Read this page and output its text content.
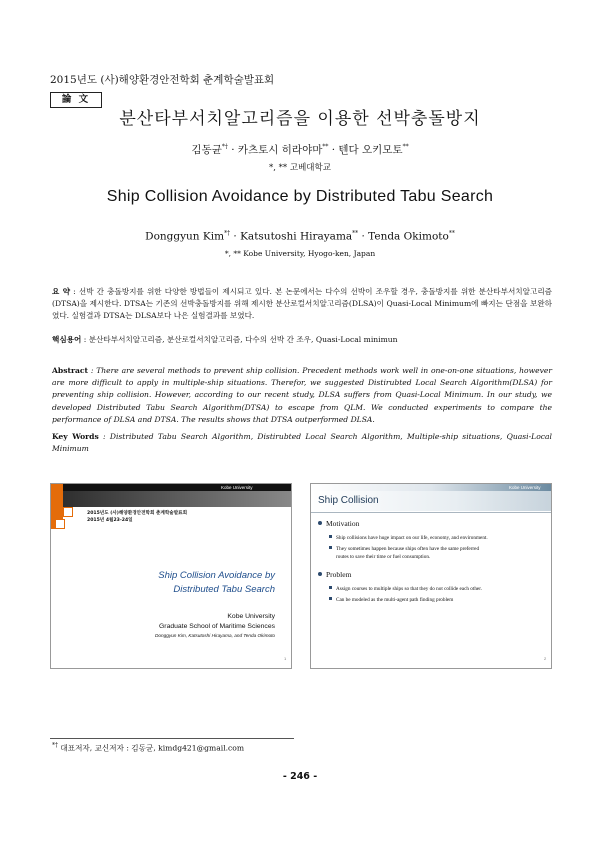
2015년도 (사)해양환경안전학회 춘계학술발표회
論 文
분산타부서치알고리즘을 이용한 선박충돌방지
김동균*† · 카츠토시 히라야마** · 텐다 오키모토**
*, ** 고베대학교
Ship Collision Avoidance by Distributed Tabu Search
Donggyun Kim*† · Katsutoshi Hirayama** · Tenda Okimoto**
*, ** Kobe University, Hyogo-ken, Japan
요 약 : 선박 간 충돌방지를 위한 다양한 방법들이 제시되고 있다. 본 논문에서는 다수의 선박이 조우할 경우, 충돌방지를 위한 분산타부서치알고리즘(DTSA)을 제시한다. DTSA는 기존의 선박충돌방지를 위해 제시한 분산로컬서치알고리즘(DLSA)이 Quasi-Local Minimum에 빠지는 단점을 보완하였다. 실험결과 DTSA는 DLSA보다 나은 실험결과를 보였다.
핵심용어 : 분산타부서치알고리즘, 분산로컬서치알고리즘, 다수의 선박 간 조우, Quasi-Local minimun
Abstract : There are several methods to prevent ship collision. Precedent methods work well in one-on-one situations, however are more difficult to apply in multiple-ship situations. Therefor, we suggested Distirubted Local Search Algorithm(DLSA) for preventing ship collision. However, according to our recent study, DLSA suffers from Quasi-Local Minimum. In our study, we developed Distributed Tabu Search Algorithm(DTSA) to escape from QLM. We conducted experiments to compare the performance of DLSA and DTSA. The results shows that DTSA outperformed DLSA.
Key Words : Distributed Tabu Search Algorithm, Distirubted Local Search Algorithm, Multiple-ship situations, Quasi-Local Minimum
Kobe University
2015년도 (사)해양환경안전학회 춘계학술발표회
2015년 4월23-24일
Ship Collision Avoidance by
Distributed Tabu Search
Kobe University
Graduate School of Maritime Sciences
Donggyun Kim, Katsutoshi Hirayama, and Tenda Okimoto
1
Kobe University
Ship Collision
Motivation
Ship collisions have huge impact on our life, economy, and environment.
They sometimes happen because ships often have the same preferred
routes to save their time or fuel consumption.
Problem
Assign courses to multiple ships so that they do not collide each other.
Can be modeled as the multi-agent path finding problem
2
*† 대표저자, 교신저자 : 김동균, kimdg421@gmail.com
- 246 -
